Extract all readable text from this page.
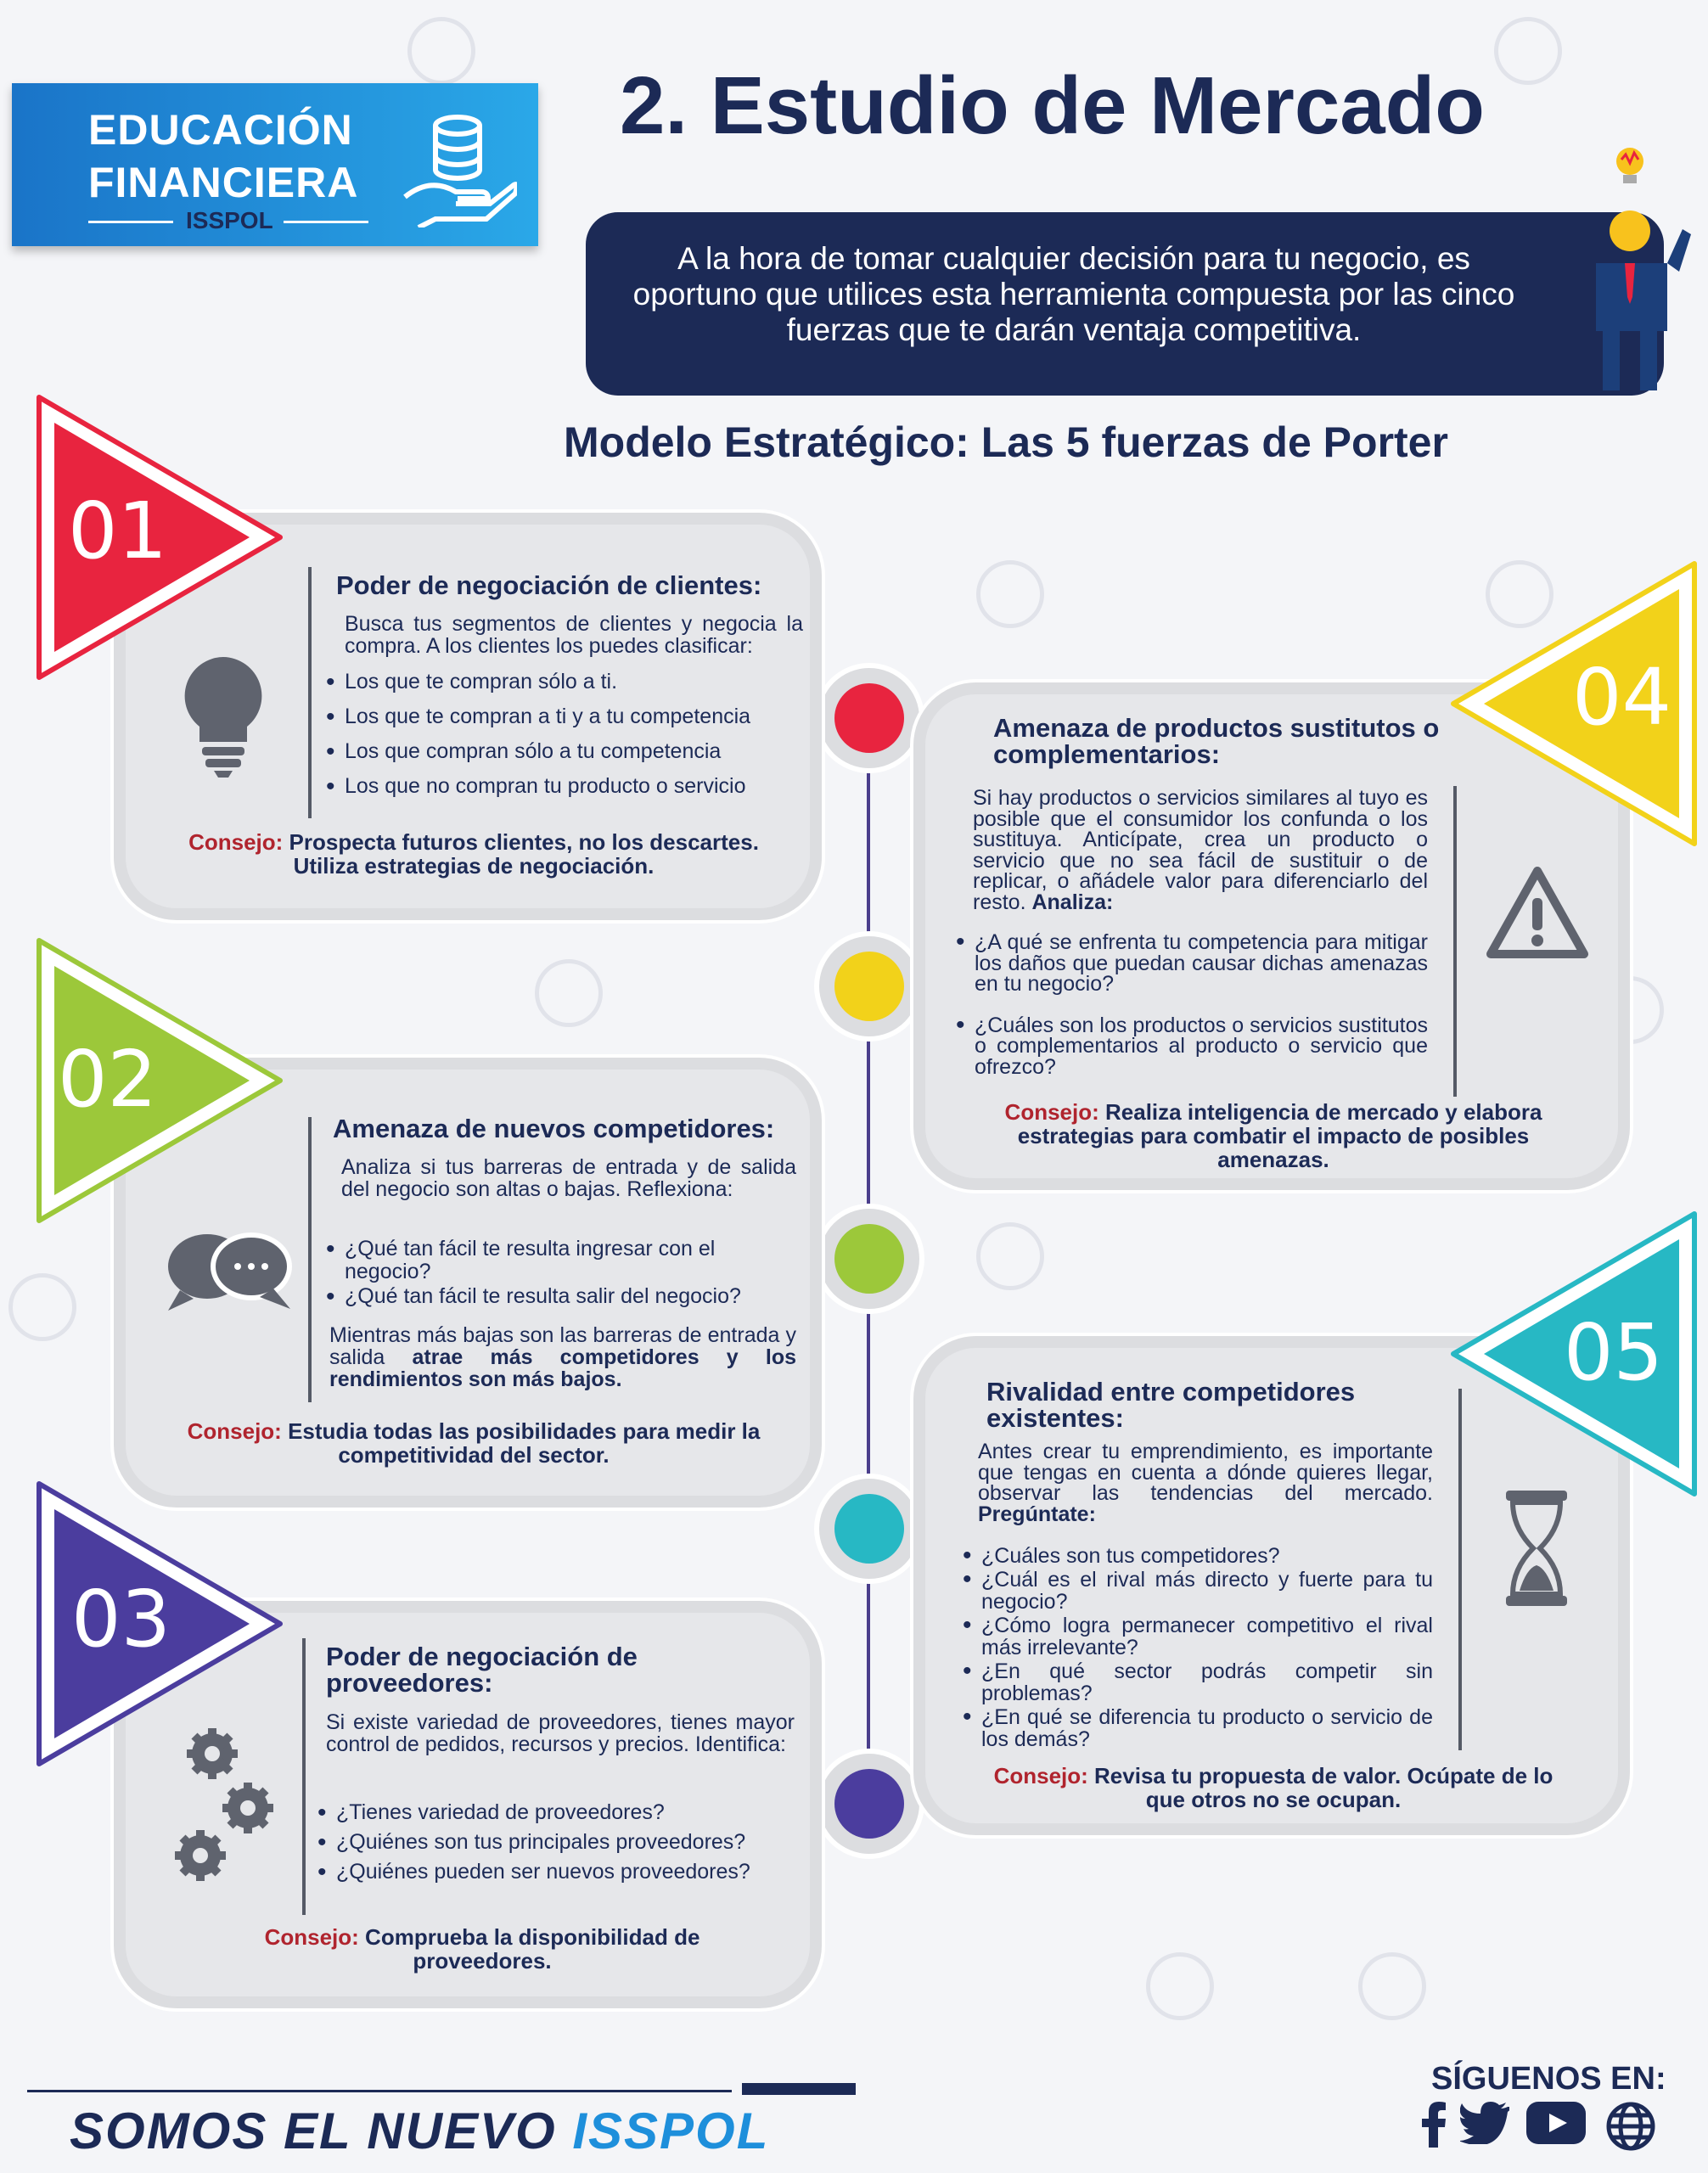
EDUCACIÓN
FINANCIERA
ISSPOL
2. Estudio de Mercado
A la hora de tomar cualquier decisión para tu negocio, es oportuno que utilices esta herramienta compuesta por las cinco fuerzas que te darán ventaja competitiva.
Modelo Estratégico: Las 5 fuerzas de Porter
Poder de negociación de clientes:
Busca tus segmentos de clientes y negocia la compra. A los clientes los puedes clasificar:
• Los que te compran sólo a ti.
• Los que te compran a ti y a tu competencia
• Los que compran sólo a tu competencia
• Los que no compran tu producto o servicio
Consejo: Prospecta futuros clientes, no los descartes. Utiliza estrategias de negociación.
01
Amenaza de nuevos competidores:
Analiza si tus barreras de entrada y de salida del negocio son altas o bajas. Reflexiona:
• ¿Qué tan fácil te resulta ingresar con el negocio?
• ¿Qué tan fácil te resulta salir del negocio?
Mientras más bajas son las barreras de entrada y salida atrae más competidores y los rendimientos son más bajos.
Consejo: Estudia todas las posibilidades para medir la competitividad del sector.
02
Poder de negociación de proveedores:
Si existe variedad de proveedores, tienes mayor control de pedidos, recursos y precios. Identifica:
• ¿Tienes variedad de proveedores?
• ¿Quiénes son tus principales proveedores?
• ¿Quiénes pueden ser nuevos proveedores?
Consejo: Comprueba la disponibilidad de proveedores.
03
Amenaza de productos sustitutos o complementarios:
Si hay productos o servicios similares al tuyo es posible que el consumidor los confunda o los sustituya. Anticípate, crea un producto o servicio que no sea fácil de sustituir o de replicar, o añádele valor para diferenciarlo del resto. Analiza:
• ¿A qué se enfrenta tu competencia para mitigar los daños que puedan causar dichas amenazas en tu negocio?
• ¿Cuáles son los productos o servicios sustitutos o complementarios al producto o servicio que ofrezco?
Consejo: Realiza inteligencia de mercado y elabora estrategias para combatir el impacto de posibles amenazas.
04
Rivalidad entre competidores existentes:
Antes crear tu emprendimiento, es importante que tengas en cuenta a dónde quieres llegar, observar las tendencias del mercado. Pregúntate:
• ¿Cuáles son tus competidores?
• ¿Cuál es el rival más directo y fuerte para tu negocio?
• ¿Cómo logra permanecer competitivo el rival más irrelevante?
• ¿En qué sector podrás competir sin problemas?
• ¿En qué se diferencia tu producto o servicio de los demás?
Consejo: Revisa tu propuesta de valor. Ocúpate de lo que otros no se ocupan.
05
SOMOS EL NUEVO ISSPOL
SÍGUENOS EN:
